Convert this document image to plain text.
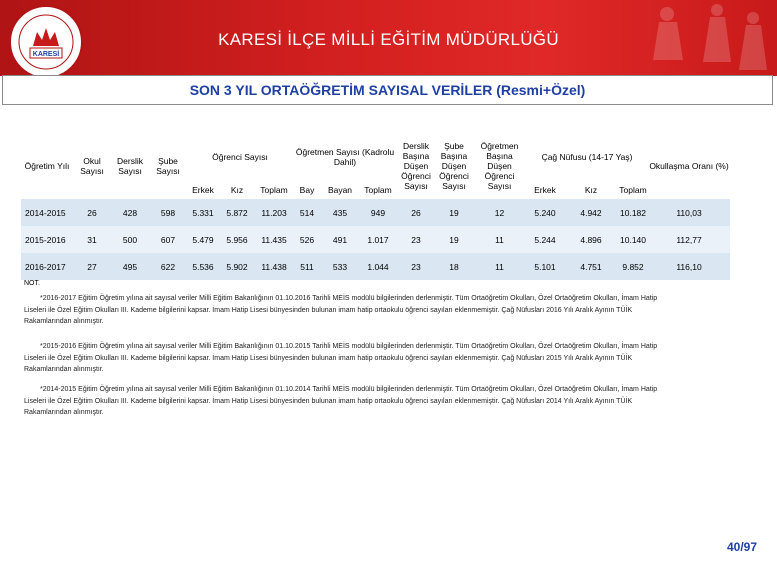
KARESİ
KARESİ İLÇE MİLLİ EĞİTİM MÜDÜRLÜĞÜ
SON 3 YIL ORTAÖĞRETİM SAYISAL VERİLER (Resmi+Özel)
Öğretim Yılı	Okul Sayısı	Derslik Sayısı	Şube Sayısı	Öğrenci Sayısı			Öğretmen Sayısı (Kadrolu Dahil)			Derslik Başına Düşen Öğrenci Sayısı	Şube Başına Düşen Öğrenci Sayısı	Öğretmen Başına Düşen Öğrenci Sayısı	Çağ Nüfusu (14-17 Yaş)			Okullaşma Oranı (%)
				Erkek	Kız	Toplam	Bay	Bayan	Toplam				Erkek	Kız	Toplam	
2014-2015	26	428	598	5.331	5.872	11.203	514	435	949	26	19	12	5.240	4.942	10.182	110,03
2015-2016	31	500	607	5.479	5.956	11.435	526	491	1.017	23	19	11	5.244	4.896	10.140	112,77
2016-2017	27	495	622	5.536	5.902	11.438	511	533	1.044	23	18	11	5.101	4.751	9.852	116,10
NOT.
*2016-2017 Eğitim Öğretim yılına ait sayısal veriler Milli Eğitim Bakanlığının 01.10.2016 Tarihli MEİS modülü bilgilerinden derlenmiştir. Tüm Ortaöğretim Okulları, Özel Ortaöğretim Okulları, İmam Hatip
Liseleri ile Özel Eğitim Okulları III. Kademe bilgilerini kapsar. İmam Hatip Lisesi bünyesinden bulunan imam hatip ortaokulu öğrenci sayıları eklenmemiştir. Çağ Nüfusları 2016 Yılı Aralık Ayının TÜİK
Rakamlarından alınmıştır.
*2015-2016 Eğitim Öğretim yılına ait sayısal veriler Milli Eğitim Bakanlığının 01.10.2015 Tarihli MEİS modülü bilgilerinden derlenmiştir. Tüm Ortaöğretim Okulları, Özel Ortaöğretim Okulları, İmam Hatip
Liseleri ile Özel Eğitim Okulları III. Kademe bilgilerini kapsar. İmam Hatip Lisesi bünyesinden bulunan imam hatip ortaokulu öğrenci sayıları eklenmemiştir. Çağ Nüfusları 2015 Yılı Aralık Ayının TÜİK
Rakamlarından alınmıştır.
*2014-2015 Eğitim Öğretim yılına ait sayısal veriler Milli Eğitim Bakanlığının 01.10.2014 Tarihli MEİS modülü bilgilerinden derlenmiştir. Tüm Ortaöğretim Okulları, Özel Ortaöğretim Okulları, İmam Hatip
Liseleri ile Özel Eğitim Okulları III. Kademe bilgilerini kapsar. İmam Hatip Lisesi bünyesinden bulunan imam hatip ortaokulu öğrenci sayıları eklenmemiştir. Çağ Nüfusları 2014 Yılı Aralık Ayının TÜİK
Rakamlarından alınmıştır.
40/97
